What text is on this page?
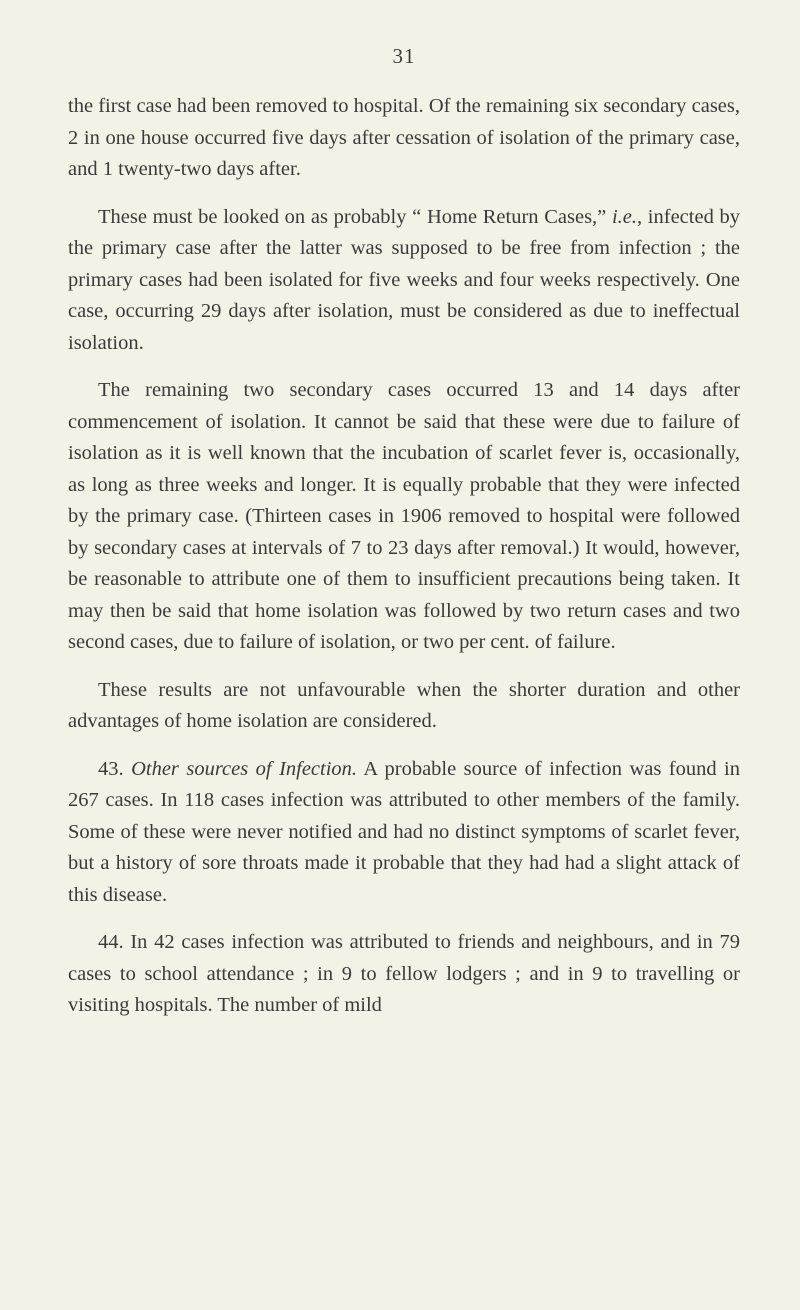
31

the first case had been removed to hospital. Of the remaining six secondary cases, 2 in one house occurred five days after cessation of isolation of the primary case, and 1 twenty-two days after.

These must be looked on as probably “ Home Return Cases,” i.e., infected by the primary case after the latter was supposed to be free from infection ; the primary cases had been isolated for five weeks and four weeks respectively. One case, occurring 29 days after isolation, must be considered as due to ineffectual isolation.

The remaining two secondary cases occurred 13 and 14 days after commencement of isolation. It cannot be said that these were due to failure of isolation as it is well known that the incubation of scarlet fever is, occasionally, as long as three weeks and longer. It is equally probable that they were infected by the primary case. (Thirteen cases in 1906 removed to hospital were followed by secondary cases at intervals of 7 to 23 days after removal.) It would, however, be reasonable to attribute one of them to insufficient precautions being taken. It may then be said that home isolation was followed by two return cases and two second cases, due to failure of isolation, or two per cent. of failure.

These results are not unfavourable when the shorter duration and other advantages of home isolation are considered.

43. Other sources of Infection. A probable source of infection was found in 267 cases. In 118 cases infection was attributed to other members of the family. Some of these were never notified and had no distinct symptoms of scarlet fever, but a history of sore throats made it probable that they had had a slight attack of this disease.

44. In 42 cases infection was attributed to friends and neighbours, and in 79 cases to school attendance ; in 9 to fellow lodgers ; and in 9 to travelling or visiting hospitals. The number of mild
